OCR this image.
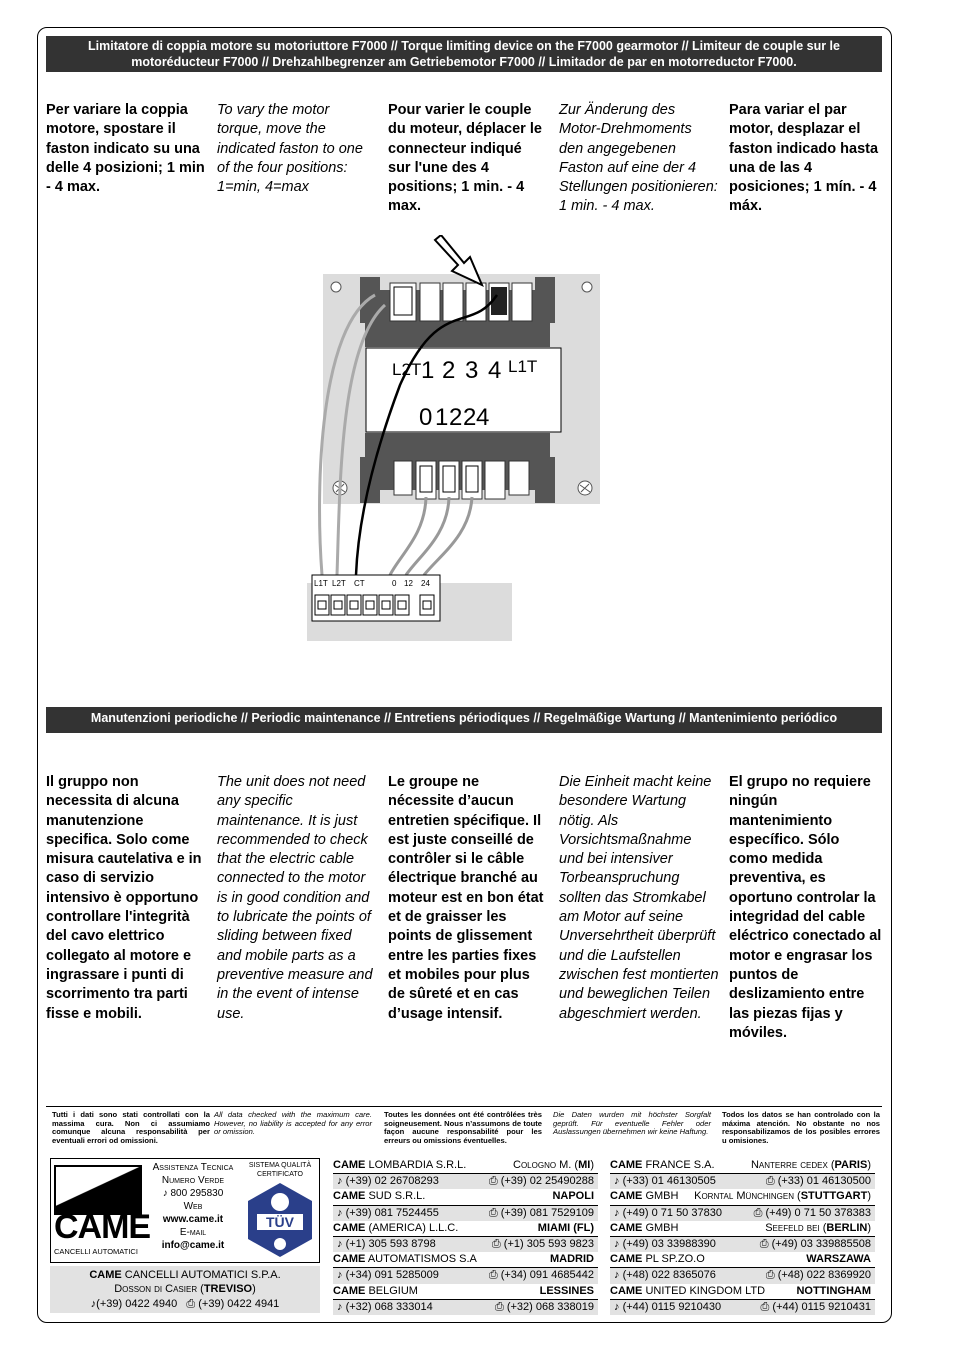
Limitatore di coppia motore su motoriuttore F7000 // Torque limiting device on the F7000 gearmotor // Limiteur de couple sur le motoréducteur F7000 // Drehzahlbegrenzer am Getriebemotor F7000 // Limitador de par en motorreductor F7000.
Per variare la coppia motore, spostare il faston indicato su una delle 4 posizioni; 1 min - 4 max.
To vary the motor torque, move the indicated faston to one of the four positions: 1=min, 4=max
Pour varier le couple du moteur, déplacer le connecteur indiqué sur l'une des 4 positions; 1 min. - 4 max.
Zur Änderung des Motor-Drehmoments den angegebenen Faston auf eine der 4 Stellungen positionieren: 1 min. - 4 max.
Para variar el par motor, desplazar el faston indicado hasta una de las 4 posiciones; 1 mín. - 4 máx.
L2T 1 2 3 4 L1T
0 1 2 2 4
L1T L2T CT	0 12 24
Manutenzioni periodiche // Periodic maintenance // Entretiens périodiques // Regelmäßige Wartung // Mantenimiento periódico
Il gruppo non necessita di alcuna manutenzione specifica. Solo come misura cautelativa e in caso di servizio intensivo è opportuno controllare l'integrità del cavo elettrico collegato al motore e ingrassare i punti di scorrimento tra parti fisse e mobili.
The unit does not need any specific maintenance. It is just recommended to check that the electric cable connected to the motor is in good condition and to lubricate the points of sliding between fixed and mobile parts as a preventive measure and in the event of intense use.
Le groupe ne nécessite d’aucun entretien spécifique. Il est juste conseillé de contrôler si le câble électrique branché au moteur est en bon état et de graisser les points de glissement entre les parties fixes et mobiles pour plus de sûreté et en cas d’usage intensif.
Die Einheit macht keine besondere Wartung nötig. Als Vorsichtsmaßnahme und bei intensiver Torbeanspruchung sollten das Stromkabel am Motor auf seine Unversehrtheit überprüft und die Laufstellen zwischen fest montierten und beweglichen Teilen abgeschmiert werden.
El grupo no requiere ningún mantenimiento específico. Sólo como medida preventiva, es oportuno controlar la integridad del cable eléctrico conectado al motor e engrasar los puntos de deslizamiento entre las piezas fijas y móviles.
Tutti i dati sono stati controllati con la massima cura. Non ci assumiamo comunque alcuna responsabilità per eventuali errori od omissioni.
All data checked with the maximum care. However, no liability is accepted for any error or omission.
Toutes les données ont été contrôlées très soigneusement. Nous n’assumons de toute façon aucune responsabilité pour les erreurs ou omissions éventuelles.
Die Daten wurden mit höchster Sorgfalt geprüft. Für eventuelle Fehler oder Auslassungen übernehmen wir keine Haftung.
Todos los datos se han controlado con la máxima atención. No obstante no nos responsabilizamos de los posibles errores u omisiones.
CAME
CANCELLI AUTOMATICI
Assistenza Tecnica
Numero Verde
♪ 800 295830
Web
www.came.it
E-mail
info@came.it
SISTEMA QUALITÀ
CERTIFICATO
TÜV
CAME CANCELLI AUTOMATICI S.P.A.
Dosson di Casier (TREVISO)
♪(+39) 0422 4940 ⎙ (+39) 0422 4941
CAME LOMBARDIA S.R.L.	Cologno M. (MI)
♪ (+39) 02 26708293	⎙ (+39) 02 25490288
CAME SUD S.R.L.	NAPOLI
♪ (+39) 081 7524455	⎙ (+39) 081 7529109
CAME (AMERICA) L.L.C.	MIAMI (FL)
♪ (+1) 305 593 8798	⎙ (+1) 305 593 9823
CAME AUTOMATISMOS S.A	MADRID
♪ (+34) 091 5285009	⎙ (+34) 091 4685442
CAME BELGIUM	LESSINES
♪ (+32) 068 333014	⎙ (+32) 068 338019
CAME FRANCE S.A.	Nanterre cedex (PARIS)
♪ (+33) 01 46130505	⎙ (+33) 01 46130500
CAME GMBH Korntal Münchingen (STUTTGART)
♪ (+49) 0 71 50 37830	⎙ (+49) 0 71 50 378383
CAME GMBH	Seefeld bei (BERLIN)
♪ (+49) 03 33988390	⎙ (+49) 03 339885508
CAME PL SP.ZO.O	WARSZAWA
♪ (+48) 022 8365076	⎙ (+48) 022 8369920
CAME UNITED KINGDOM LTD	NOTTINGHAM
♪ (+44) 0115 9210430	⎙ (+44) 0115 9210431
